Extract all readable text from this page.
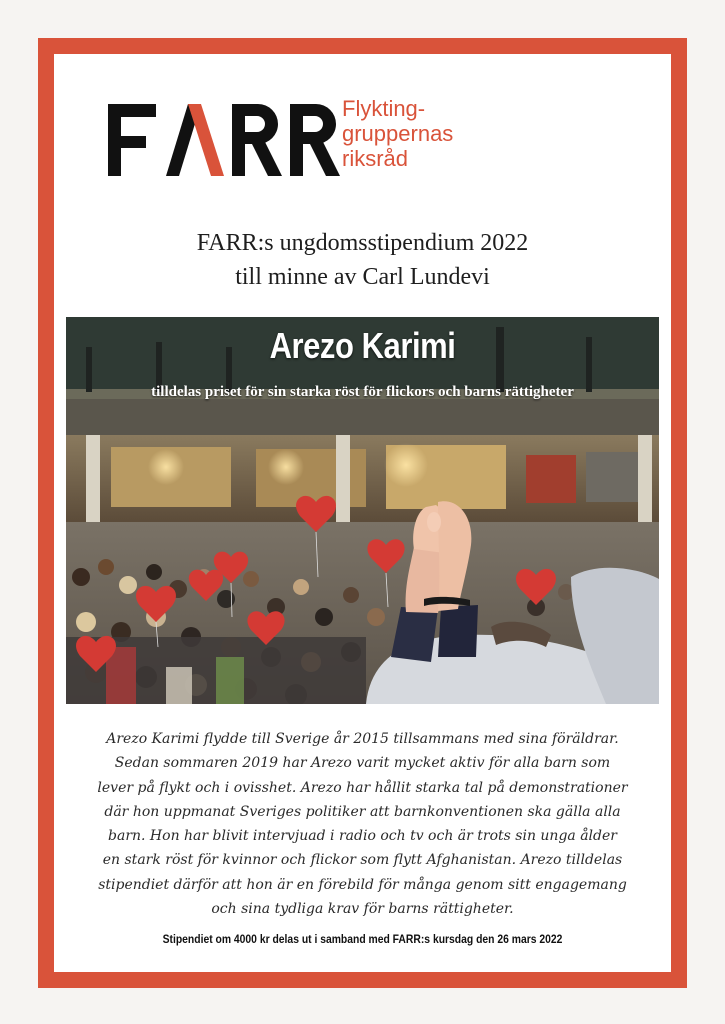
Flykting-
gruppernas
riksråd
FARR:s ungdomsstipendium 2022
till minne av Carl Lundevi
Arezo Karimi
tilldelas priset för sin starka röst för flickors och barns rättigheter
Arezo Karimi flydde till Sverige år 2015 tillsammans med sina föräldrar.
Sedan sommaren 2019 har Arezo varit mycket aktiv för alla barn som
lever på flykt och i ovisshet. Arezo har hållit starka tal på demonstrationer
där hon uppmanat Sveriges politiker att barnkonventionen ska gälla alla
barn. Hon har blivit intervjuad i radio och tv och är trots sin unga ålder
en stark röst för kvinnor och flickor som flytt Afghanistan. Arezo tilldelas
stipendiet därför att hon är en förebild för många genom sitt engagemang
och sina tydliga krav för barns rättigheter.
Stipendiet om 4000 kr delas ut i samband med FARR:s kursdag den 26 mars 2022
